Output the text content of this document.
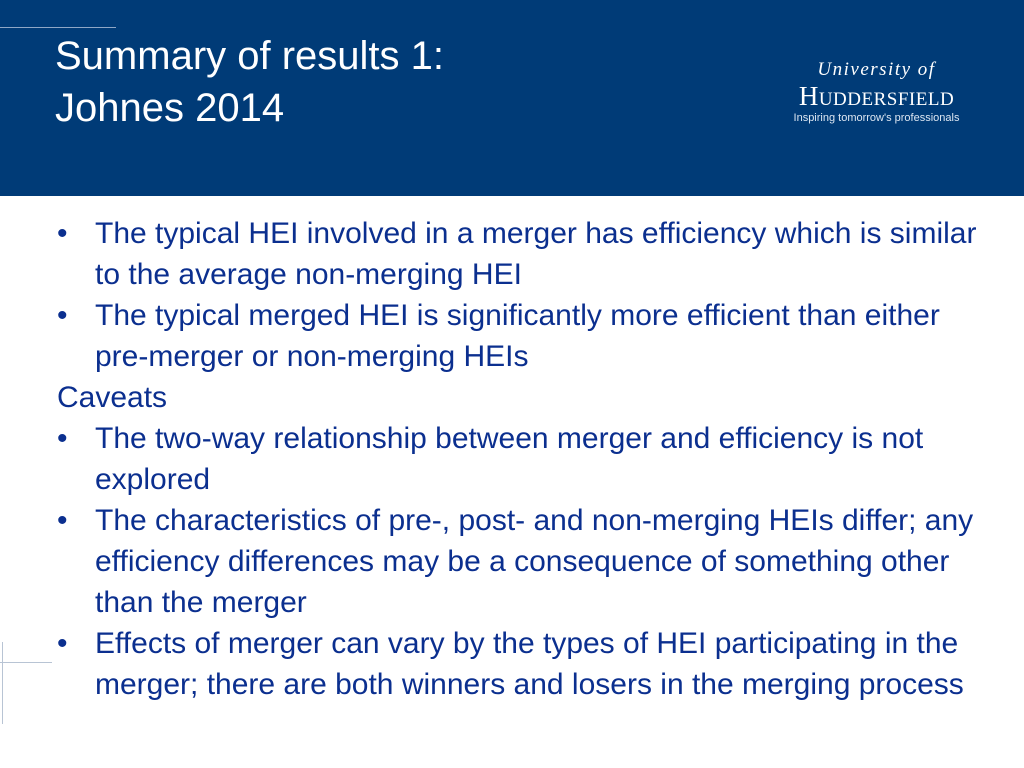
Summary of results 1:
Johnes 2014
University of
Huddersfield
Inspiring tomorrow's professionals
• The typical HEI involved in a merger has efficiency which is similar to the average non-merging HEI
• The typical merged HEI is significantly more efficient than either pre-merger or non-merging HEIs
Caveats
• The two-way relationship between merger and efficiency is not explored
• The characteristics of pre-, post- and non-merging HEIs differ; any efficiency differences may be a consequence of something other than the merger
• Effects of merger can vary by the types of HEI participating in the merger; there are both winners and losers in the merging process
